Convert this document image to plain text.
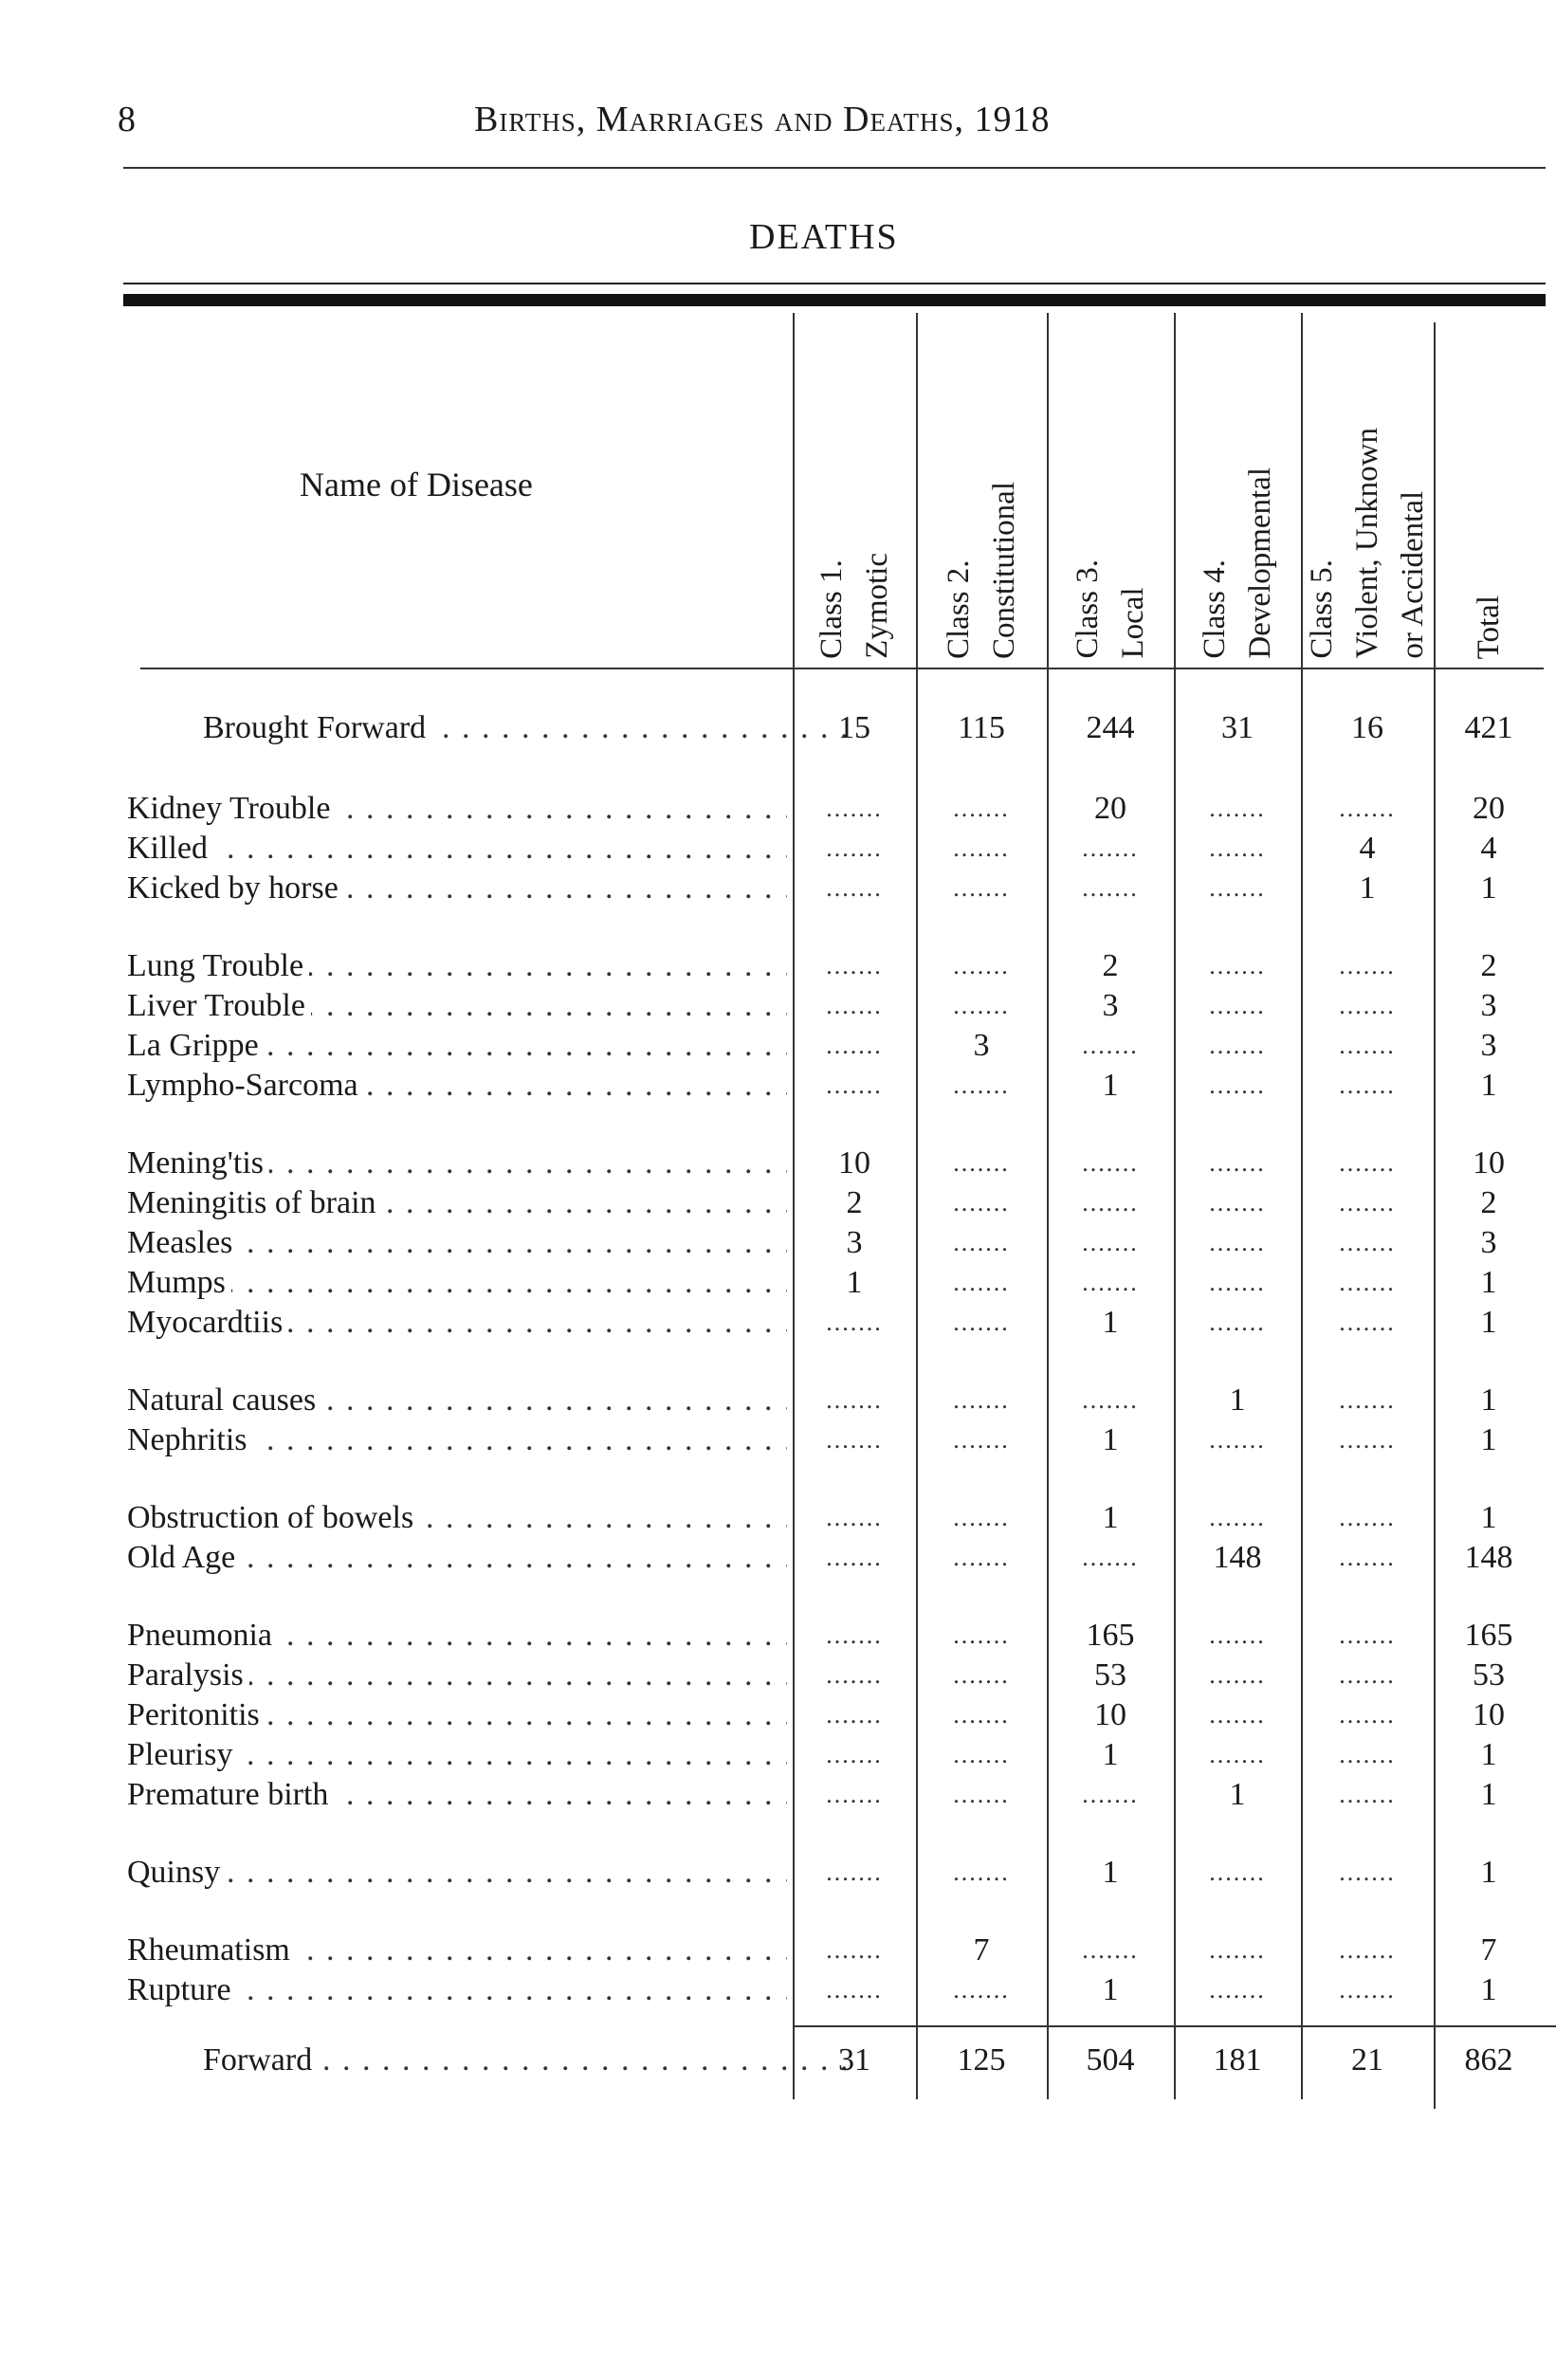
8	Births, Marriages and Deaths, 1918
DEATHS
Name of Disease
Class 1. Zymotic Class 2. Constitutional Class 3. Local Class 4. Developmental Class 5. Violent, Unknown or Accidental Total
Brought Forward . . .	15	115	244	31	16	421
Kidney Trouble . . .	.......	.......	20	.......	.......	20
Killed . . .	.......	.......	.......	.......	4	4
Kicked by horse . . .	.......	.......	.......	.......	1	1
Lung Trouble . . .	.......	.......	2	.......	.......	2
Liver Trouble . . .	.......	.......	3	.......	.......	3
La Grippe . . .	.......	3	.......	.......	.......	3
Lympho-Sarcoma . . .	.......	.......	1	.......	.......	1
Mening'tis . . .	10	.......	.......	.......	.......	10
Meningitis of brain . . .	2	.......	.......	.......	.......	2
Measles . . .	3	.......	.......	.......	.......	3
Mumps . . .	1	.......	.......	.......	.......	1
Myocardtiis . . .	.......	.......	1	.......	.......	1
Natural causes . . .	.......	.......	.......	1	.......	1
Nephritis . . .	.......	.......	1	.......	.......	1
Obstruction of bowels . . .	.......	.......	1	.......	.......	1
Old Age . . .	.......	.......	.......	148	.......	148
Pneumonia . . .	.......	.......	165	.......	.......	165
Paralysis . . .	.......	.......	53	.......	.......	53
Peritonitis . . .	.......	.......	10	.......	.......	10
Pleurisy . . .	.......	.......	1	.......	.......	1
Premature birth . . .	.......	.......	.......	1	.......	1
Quinsy . . .	.......	.......	1	.......	.......	1
Rheumatism . . .	.......	7	.......	.......	.......	7
Rupture . . .	.......	.......	1	.......	.......	1
Forward . . .	31	125	504	181	21	862
